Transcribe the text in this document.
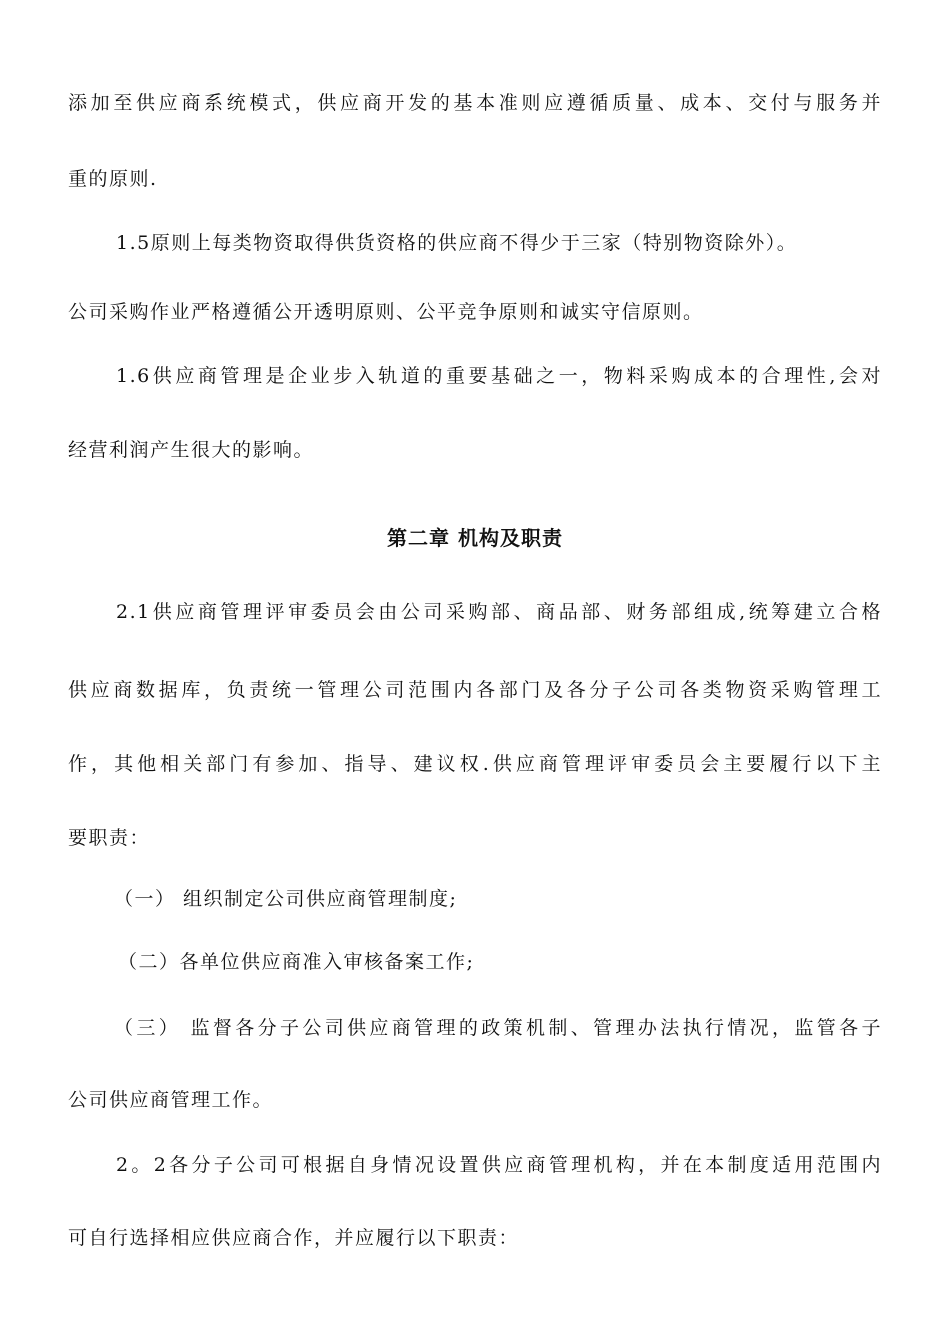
添加至供应商系统模式，供应商开发的基本准则应遵循质量、成本、交付与服务并
重的原则.
1.5原则上每类物资取得供货资格的供应商不得少于三家（特别物资除外）。
公司采购作业严格遵循公开透明原则、公平竞争原则和诚实守信原则。
1.6供应商管理是企业步入轨道的重要基础之一，物料采购成本的合理性,会对
经营利润产生很大的影响。
第二章 机构及职责
2.1供应商管理评审委员会由公司采购部、商品部、财务部组成,统筹建立合格
供应商数据库，负责统一管理公司范围内各部门及各分子公司各类物资采购管理工
作，其他相关部门有参加、指导、建议权.供应商管理评审委员会主要履行以下主
要职责：
（一） 组织制定公司供应商管理制度;
（二）各单位供应商准入审核备案工作;
（三） 监督各分子公司供应商管理的政策机制、管理办法执行情况，监管各子
公司供应商管理工作。
2。2各分子公司可根据自身情况设置供应商管理机构，并在本制度适用范围内
可自行选择相应供应商合作，并应履行以下职责：
